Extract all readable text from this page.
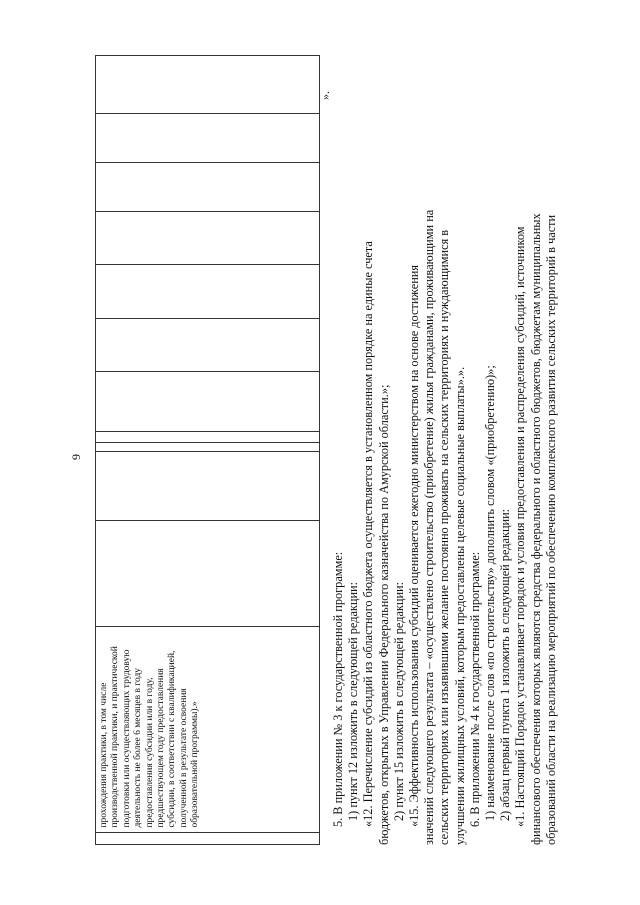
9

прохождения практики, в том числе производственной практики, и практической подготовки или осуществляющих трудовую деятельность не более 6 месяцев в году предоставления субсидии или в году, предшествующем году предоставления субсидии, в соответствии с квалификацией, полученной в результате освоения образовательной программы).»

».

5. В приложении № 3 к государственной программе: 1) пункт 12 изложить в следующей редакции: «12. Перечисление субсидий из областного бюджета осуществляется в установленном порядке на единые счета бюджетов, открытых в Управлении Федерального казначейства по Амурской области.»; 2) пункт 15 изложить в следующей редакции: «15. Эффективность использования субсидий оценивается ежегодно министерством на основе достижения значений следующего результата – «осуществлено строительство (приобретение) жилья гражданами, проживающими на сельских территориях или изъявившими желание постоянно проживать на сельских территориях и нуждающимися в улучшении жилищных условий, которым предоставлены целевые социальные выплаты».». 6. В приложении № 4 к государственной программе: 1) наименование после слов «по строительству» дополнить словом «(приобретению)»; 2) абзац первый пункта 1 изложить в следующей редакции: «1. Настоящий Порядок устанавливает порядок и условия предоставления и распределения субсидий, источником финансового обеспечения которых являются средства федерального и областного бюджетов, бюджетам муниципальных образований области на реализацию мероприятий по обеспечению комплексного развития сельских территорий в части
